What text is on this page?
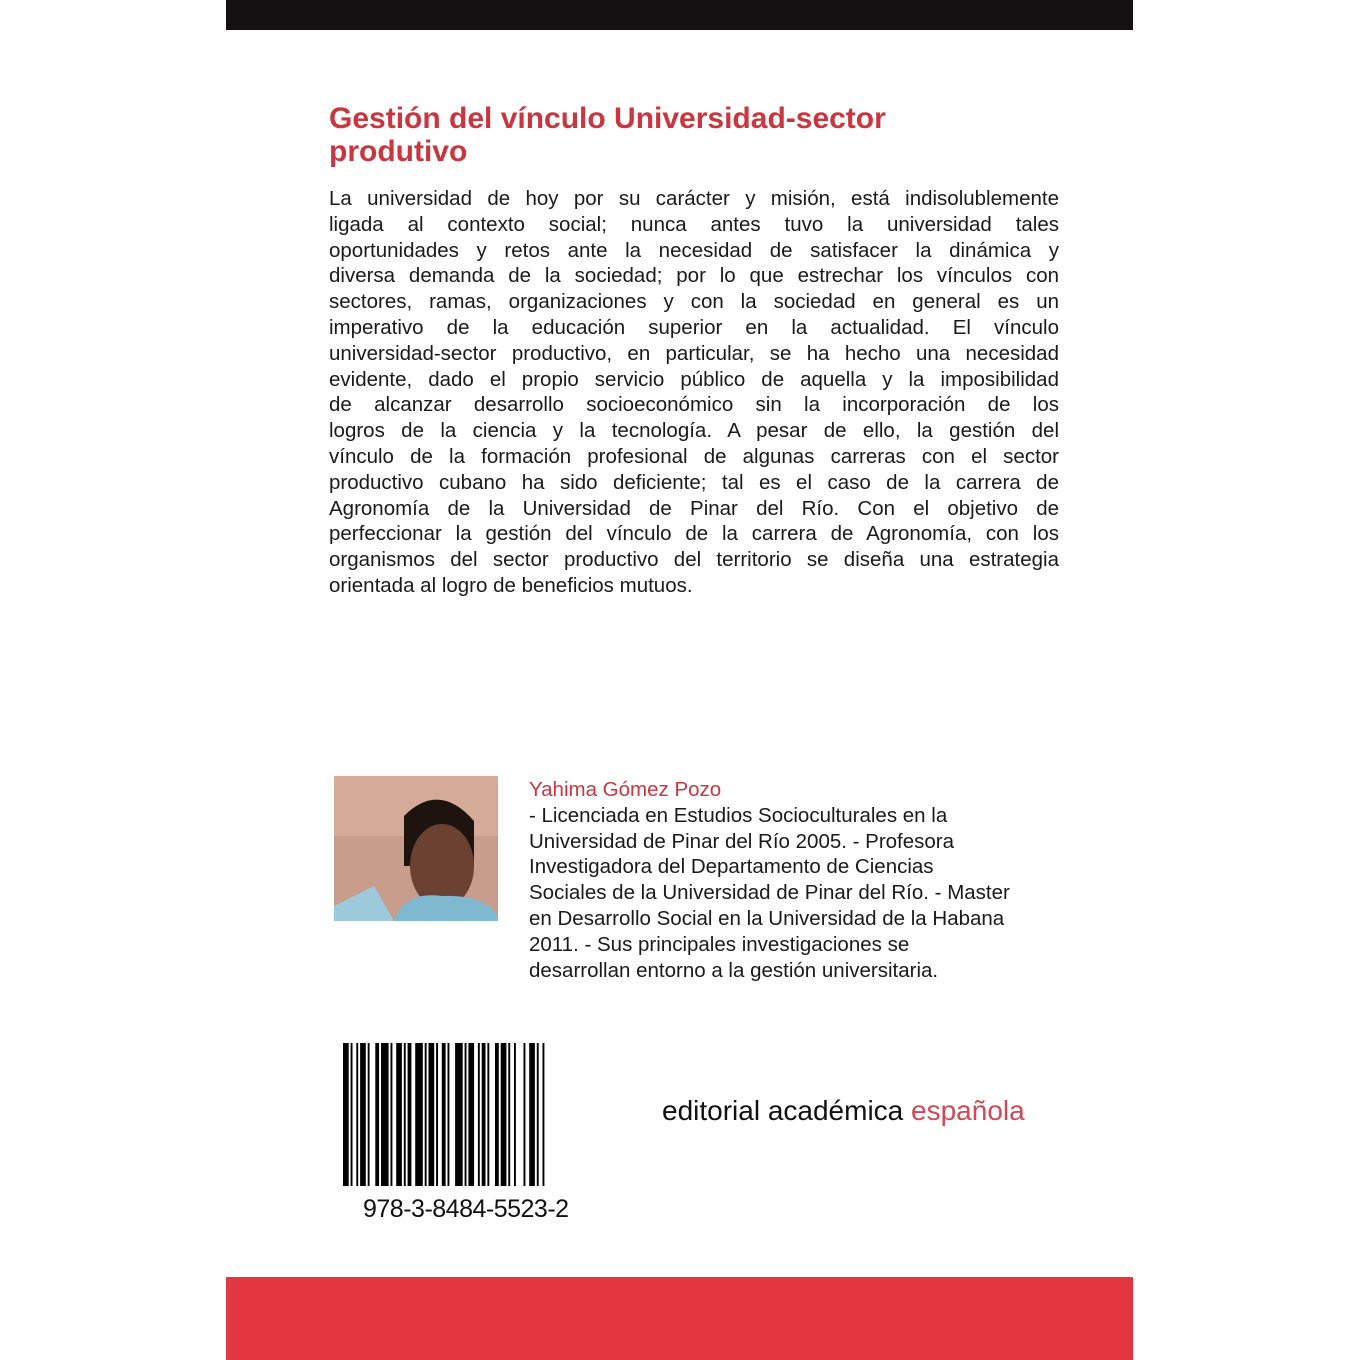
Gestión del vínculo Universidad-sector produtivo
La universidad de hoy por su carácter y misión, está indisolublemente
ligada al contexto social; nunca antes tuvo la universidad tales
oportunidades y retos ante la necesidad de satisfacer la dinámica y
diversa demanda de la sociedad; por lo que estrechar los vínculos con
sectores, ramas, organizaciones y con la sociedad en general es un
imperativo de la educación superior en la actualidad. El vínculo
universidad-sector productivo, en particular, se ha hecho una necesidad
evidente, dado el propio servicio público de aquella y la imposibilidad
de alcanzar desarrollo socioeconómico sin la incorporación de los
logros de la ciencia y la tecnología. A pesar de ello, la gestión del
vínculo de la formación profesional de algunas carreras con el sector
productivo cubano ha sido deficiente; tal es el caso de la carrera de
Agronomía de la Universidad de Pinar del Río. Con el objetivo de
perfeccionar la gestión del vínculo de la carrera de Agronomía, con los
organismos del sector productivo del territorio se diseña una estrategia
orientada al logro de beneficios mutuos.
Yahima Gómez Pozo
- Licenciada en Estudios Socioculturales en la
Universidad de Pinar del Río 2005. - Profesora
Investigadora del Departamento de Ciencias
Sociales de la Universidad de Pinar del Río. - Master
en Desarrollo Social en la Universidad de la Habana
2011. - Sus principales investigaciones se
desarrollan entorno a la gestión universitaria.
978-3-8484-5523-2
editorial académica española
